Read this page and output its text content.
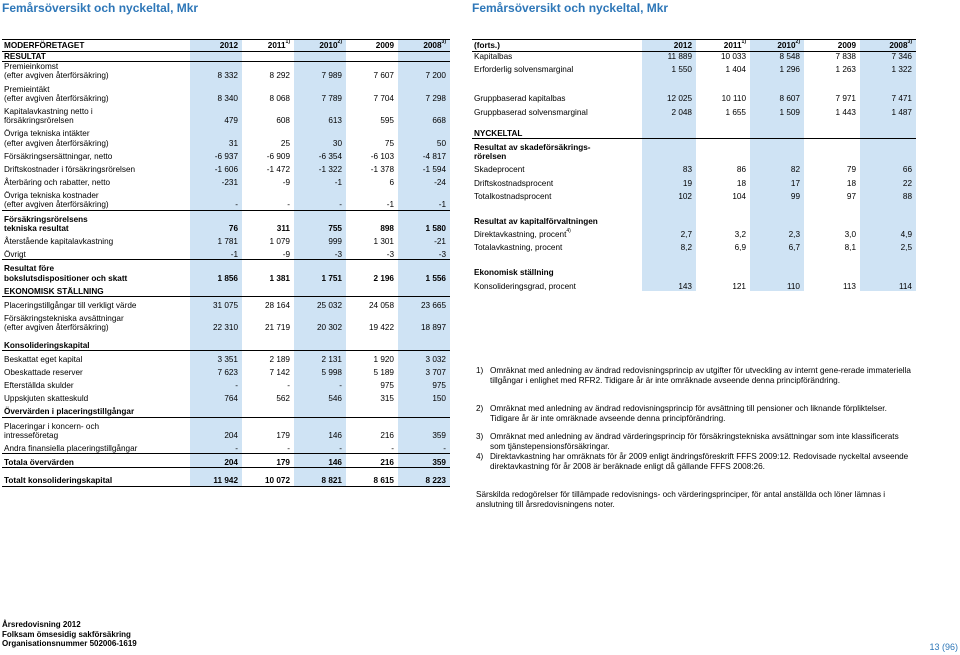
Femårsöversikt och nyckeltal, Mkr	Femårsöversikt och nyckeltal, Mkr
MODERFÖRETAGET	2012	2011$^{1)}$	2010$^{2)}$	2009	2008$^{3)}$
RESULTAT					
Premieinkomst
(efter avgiven återförsäkring)	8 332	8 292	7 989	7 607	7 200

Premieintäkt
(efter avgiven återförsäkring)	8 340	8 068	7 789	7 704	7 298

Kapitalavkastning netto i
försäkringsrörelsen	479	608	613	595	668

Övriga tekniska intäkter
(efter avgiven återförsäkring)	31	25	30	75	50

Försäkringsersättningar, netto	-6 937	-6 909	-6 354	-6 103	-4 817

Driftskostnader i försäkringsrörelsen	-1 606	-1 472	-1 322	-1 378	-1 594

Återbäring och rabatter, netto	-231	-9	-1	6	-24

Övriga tekniska kostnader
(efter avgiven återförsäkring)	-	-	-	-1	-1

Försäkringsrörelsens
tekniska resultat	76	311	755	898	1 580

Återstående kapitalavkastning	1 781	1 079	999	1 301	-21

Övrigt	-1	-9	-3	-3	-3

Resultat före
bokslutsdispositioner och skatt	1 856	1 381	1 751	2 196	1 556

EKONOMISK STÄLLNING					

Placeringstillgångar till verkligt värde	31 075	28 164	25 032	24 058	23 665

Försäkringstekniska avsättningar
(efter avgiven återförsäkring)	22 310	21 719	20 302	19 422	18 897

Konsolideringskapital					

Beskattat eget kapital	3 351	2 189	2 131	1 920	3 032

Obeskattade reserver	7 623	7 142	5 998	5 189	3 707

Efterställda skulder	-	-	-	975	975

Uppskjuten skatteskuld	764	562	546	315	150

Övervärden i placeringstillgångar					

Placeringar i koncern- och
intresseföretag	204	179	146	216	359

Andra finansiella placeringstillgångar	-	-	-	-	-

Totala övervärden	204	179	146	216	359

Totalt konsolideringskapital	11 942	10 072	8 821	8 615	8 223
(forts.)	2012	2011$^{1)}$	2010$^{2)}$	2009	2008$^{3)}$
Kapitalbas	11 889	10 033	8 548	7 838	7 346

Erforderlig solvensmarginal	1 550	1 404	1 296	1 263	1 322

Gruppbaserad kapitalbas	12 025	10 110	8 607	7 971	7 471

Gruppbaserad solvensmarginal	2 048	1 655	1 509	1 443	1 487

NYCKELTAL					

Resultat av skadeförsäkrings-
rörelsen					

Skadeprocent	83	86	82	79	66

Driftskostnadsprocent	19	18	17	18	22

Totalkostnadsprocent	102	104	99	97	88

Resultat av kapitalförvaltningen					

Direktavkastning, procent$^{4)}$	2,7	3,2	2,3	3,0	4,9

Totalavkastning, procent	8,2	6,9	6,7	8,1	2,5

Ekonomisk ställning					

Konsolideringsgrad, procent	143	121	110	113	114
1) Omräknat med anledning av ändrad redovisningsprincip av utgifter för utveckling av internt gene-rerade immateriella tillgångar i enlighet med RFR2. Tidigare år är inte omräknade avseende denna principförändring.
2) Omräknat med anledning av ändrad redovisningsprincip för avsättning till pensioner och liknande förpliktelser. Tidigare år är inte omräknade avseende denna principförändring.
3) Omräknat med anledning av ändrad värderingsprincip för försäkringstekniska avsättningar som inte klassificerats som tjänstepensionsförsäkringar.
4) Direktavkastning har omräknats för år 2009 enligt ändringsföreskrift FFFS 2009:12. Redovisade nyckeltal avseende direktavkastning för år 2008 är beräknade enligt då gällande FFFS 2008:26.
Särskilda redogörelser för tillämpade redovisnings- och värderingsprinciper, för antal anställda och löner lämnas i anslutning till årsredovisningens noter.
Årsredovisning 2012
Folksam ömsesidig sakförsäkring
Organisationsnummer 502006-1619	13 (96)
